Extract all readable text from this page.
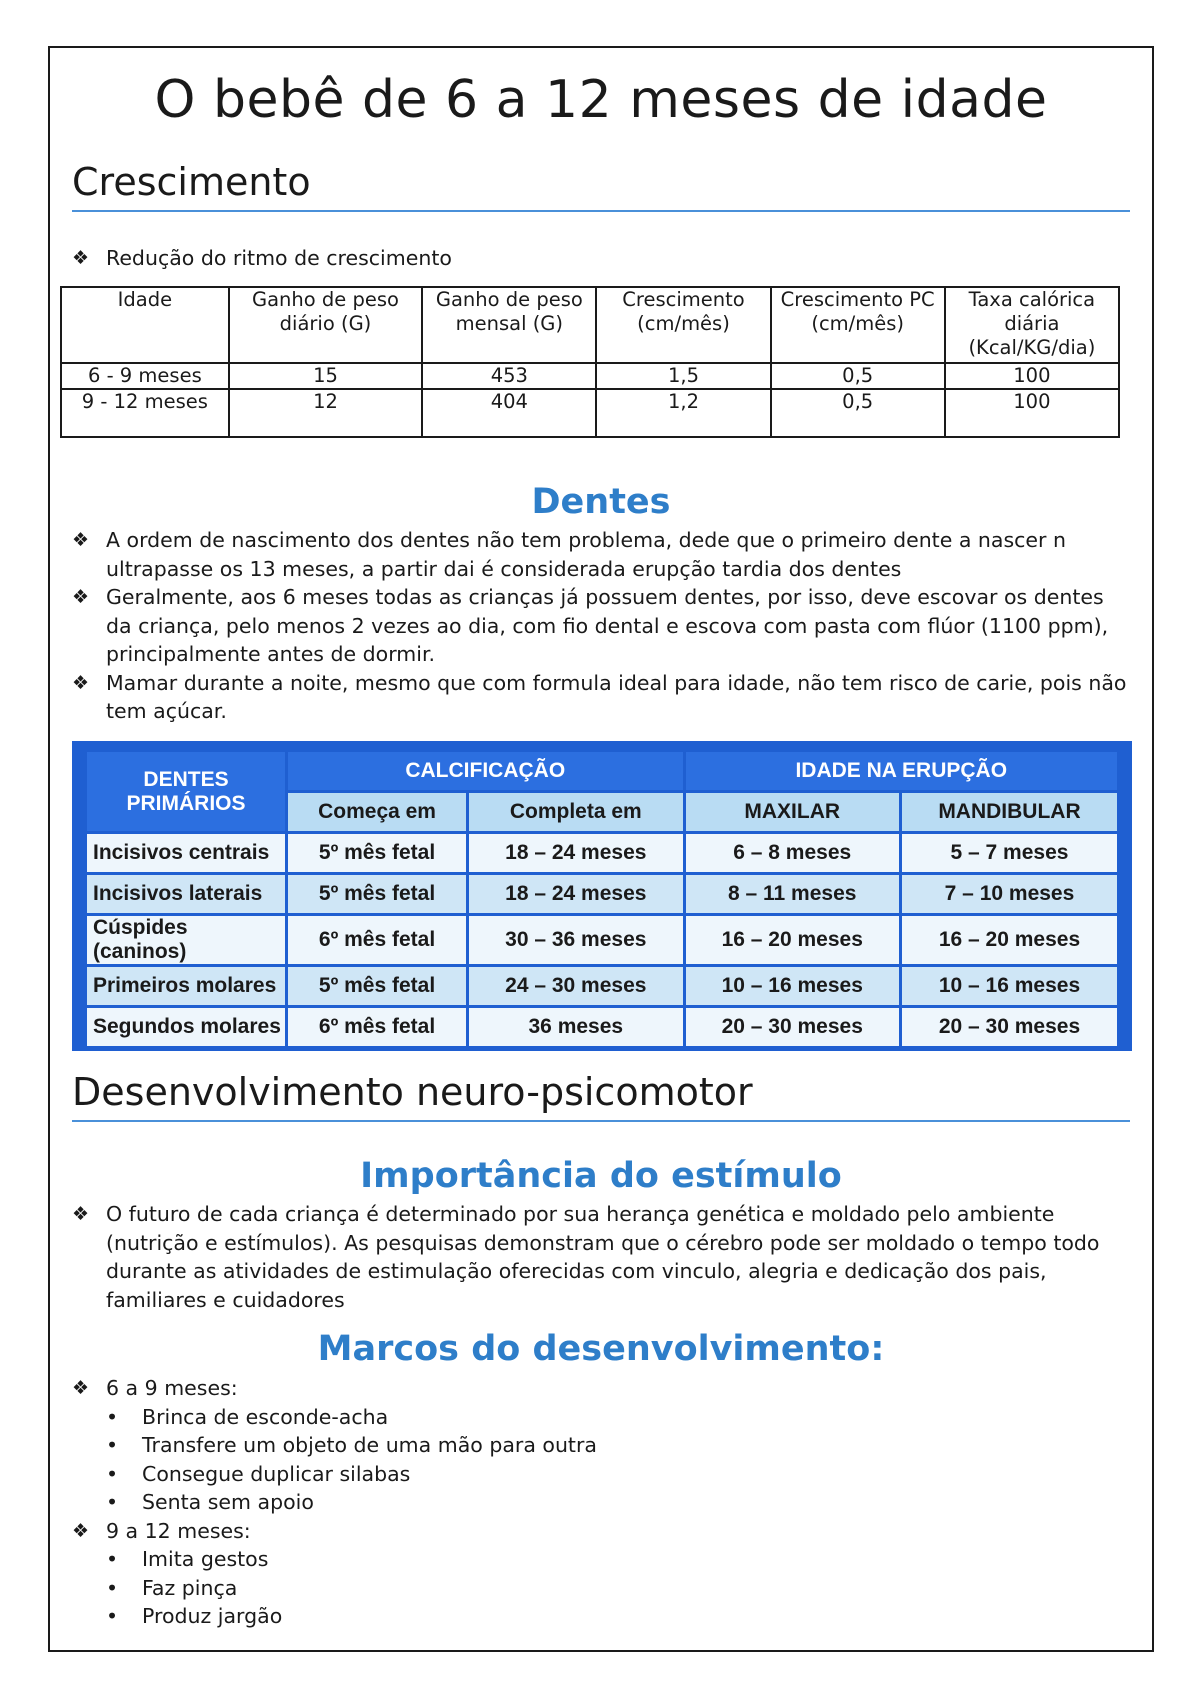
O bebê de 6 a 12 meses de idade
Crescimento
❖ Redução do ritmo de crescimento
Idade	Ganho de peso diário (G)	Ganho de peso mensal (G)	Crescimento (cm/mês)	Crescimento PC (cm/mês)	Taxa calórica diária (Kcal/KG/dia)
6 - 9 meses	15	453	1,5	0,5	100
9 - 12 meses	12	404	1,2	0,5	100
Dentes
❖ A ordem de nascimento dos dentes não tem problema, dede que o primeiro dente a nascer n ultrapasse os 13 meses, a partir dai é considerada erupção tardia dos dentes
❖ Geralmente, aos 6 meses todas as crianças já possuem dentes, por isso, deve escovar os dentes da criança, pelo menos 2 vezes ao dia, com fio dental e escova com pasta com flúor (1100 ppm), principalmente antes de dormir.
❖ Mamar durante a noite, mesmo que com formula ideal para idade, não tem risco de carie, pois não tem açúcar.
DENTES PRIMÁRIOS	CALCIFICAÇÃO		IDADE NA ERUPÇÃO	
	Começa em	Completa em	MAXILAR	MANDIBULAR
Incisivos centrais	5º mês fetal	18 – 24 meses	6 – 8 meses	5 – 7 meses
Incisivos laterais	5º mês fetal	18 – 24 meses	8 – 11 meses	7 – 10 meses
Cúspides (caninos)	6º mês fetal	30 – 36 meses	16 – 20 meses	16 – 20 meses
Primeiros molares	5º mês fetal	24 – 30 meses	10 – 16 meses	10 – 16 meses
Segundos molares	6º mês fetal	36 meses	20 – 30 meses	20 – 30 meses
Desenvolvimento neuro-psicomotor
Importância do estímulo
❖ O futuro de cada criança é determinado por sua herança genética e moldado pelo ambiente (nutrição e estímulos). As pesquisas demonstram que o cérebro pode ser moldado o tempo todo durante as atividades de estimulação oferecidas com vinculo, alegria e dedicação dos pais, familiares e cuidadores
Marcos do desenvolvimento:
❖ 6 a 9 meses:
• Brinca de esconde-acha
• Transfere um objeto de uma mão para outra
• Consegue duplicar silabas
• Senta sem apoio
❖ 9 a 12 meses:
• Imita gestos
• Faz pinça
• Produz jargão
